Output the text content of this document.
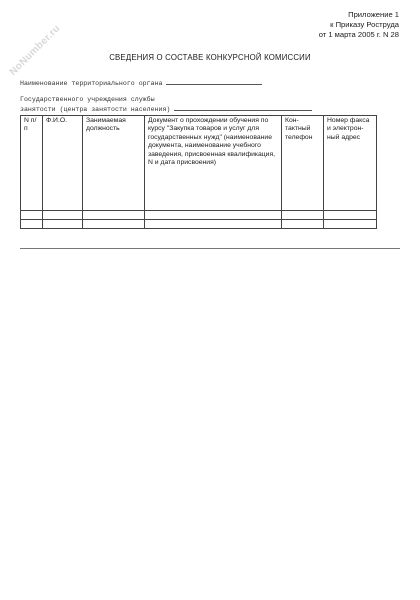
NoNumber.ru
Приложение 1
к Приказу Роструда
от 1 марта 2005 г. N 28
СВЕДЕНИЯ О СОСТАВЕ КОНКУРСНОЙ КОМИССИИ
Наименование территориального органа
Государственного учреждения службы
занятости (центра занятости населения)
N п/п	Ф.И.О.	Занимаемая должность	Документ о прохождении обучения по курсу "Закупка товаров и услуг для государственных нужд" (наименование документа, наименование учебного заведения, присвоенная квалификация, N и дата присвоения)	Кон-тактный телефон	Номер факса и электрон-ный адрес
